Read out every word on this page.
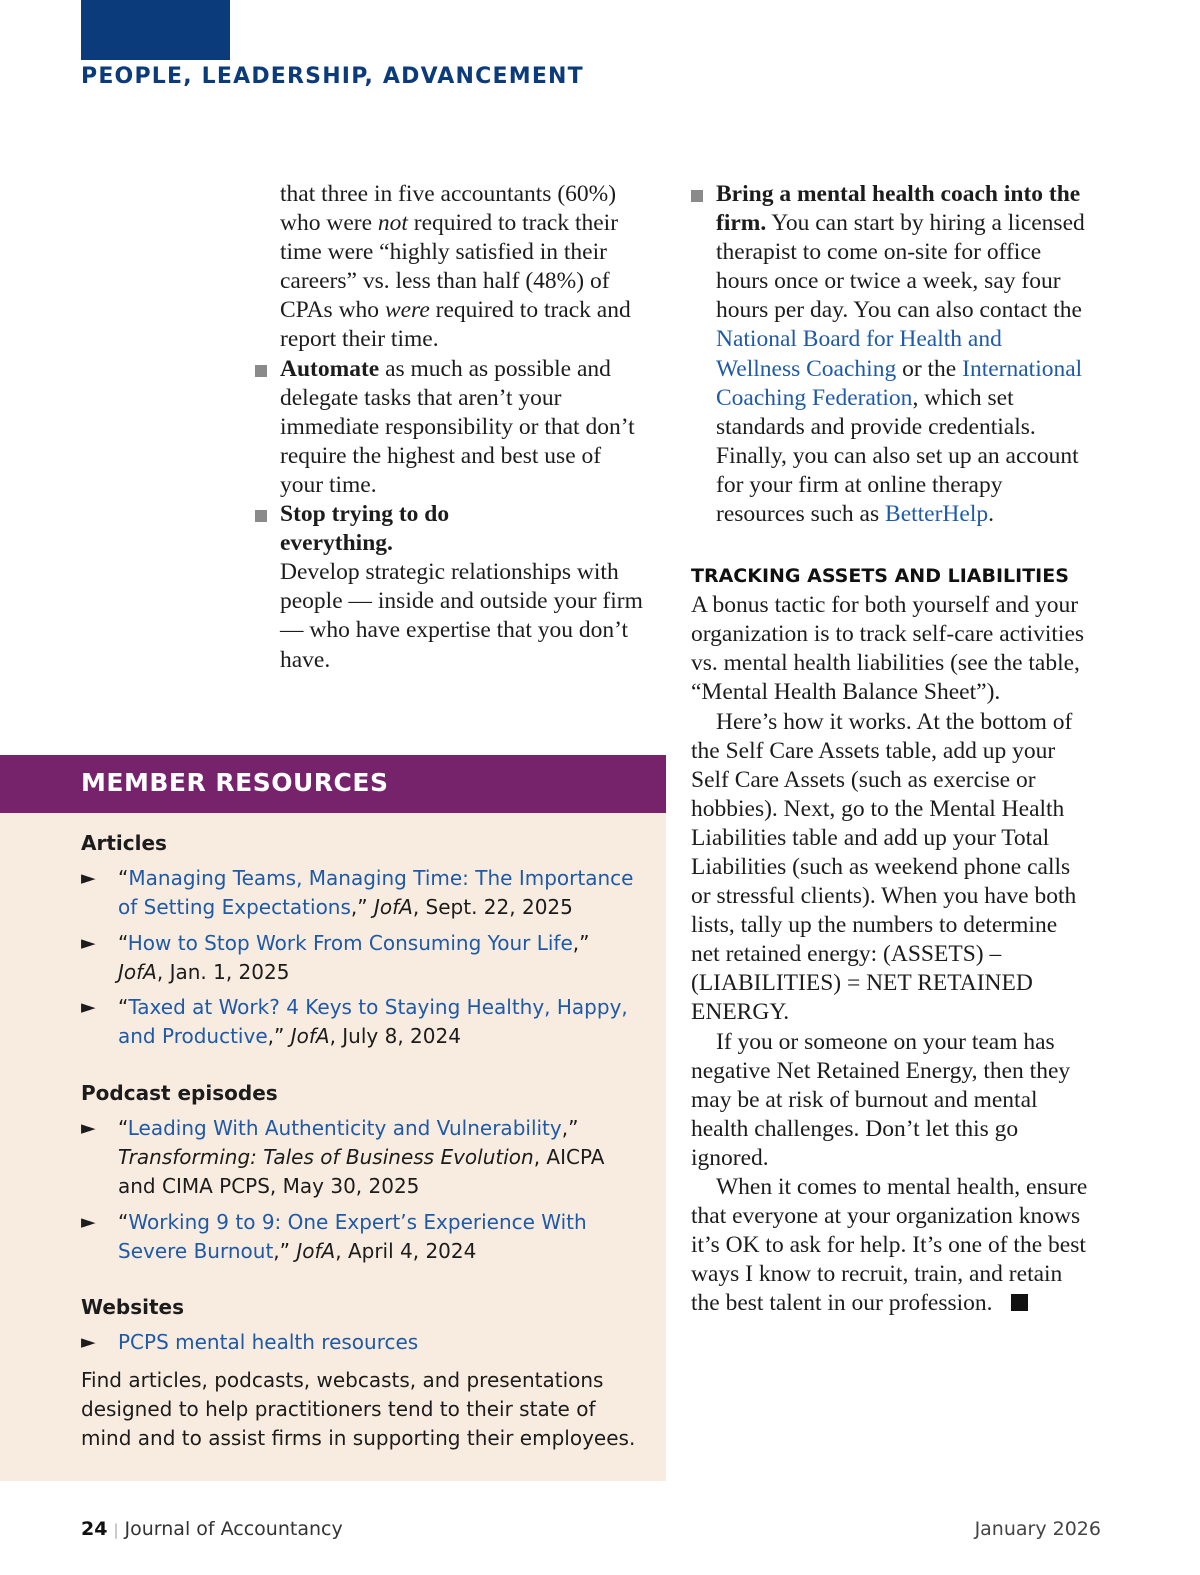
PEOPLE, LEADERSHIP, ADVANCEMENT

that three in five accountants (60%) who were not required to track their time were “highly satisfied in their careers” vs. less than half (48%) of CPAs who were required to track and report their time.

Automate as much as possible and delegate tasks that aren’t your immediate responsibility or that don’t require the highest and best use of your time.
Stop trying to do everything.
Develop strategic relationships with people — inside and outside your firm — who have expertise that you don’t have.
Bring a mental health coach into the firm. You can start by hiring a licensed therapist to come on-site for office hours once or twice a week, say four hours per day. You can also contact the National Board for Health and Wellness Coaching or the International Coaching Federation, which set standards and provide credentials. Finally, you can also set up an account for your firm at online therapy resources such as BetterHelp.
TRACKING ASSETS AND LIABILITIES

A bonus tactic for both yourself and your organization is to track self-care activities vs. mental health liabilities (see the table, “Mental Health Balance Sheet”).

Here’s how it works. At the bottom of the Self Care Assets table, add up your Self Care Assets (such as exercise or hobbies). Next, go to the Mental Health Liabilities table and add up your Total Liabilities (such as weekend phone calls or stressful clients). When you have both lists, tally up the numbers to determine net retained energy: (ASSETS) – (LIABILITIES) = NET RETAINED ENERGY.

If you or someone on your team has negative Net Retained Energy, then they may be at risk of burnout and mental health challenges. Don’t let this go ignored.

When it comes to mental health, ensure that everyone at your organization knows it’s OK to ask for help. It’s one of the best ways I know to recruit, train, and retain the best talent in our profession.

MEMBER RESOURCES
Articles
► “Managing Teams, Managing Time: The Importance of Setting Expectations,” JofA, Sept. 22, 2025
► “How to Stop Work From Consuming Your Life,”
JofA, Jan. 1, 2025
► “Taxed at Work? 4 Keys to Staying Healthy, Happy, and Productive,” JofA, July 8, 2024
Podcast episodes
► “Leading With Authenticity and Vulnerability,”
Transforming: Tales of Business Evolution, AICPA and CIMA PCPS, May 30, 2025
► “Working 9 to 9: One Expert’s Experience With Severe Burnout,” JofA, April 4, 2024
Websites
► PCPS mental health resources

Find articles, podcasts, webcasts, and presentations designed to help practitioners tend to their state of mind and to assist firms in supporting their employees.

24 | Journal of Accountancy	January 2026
